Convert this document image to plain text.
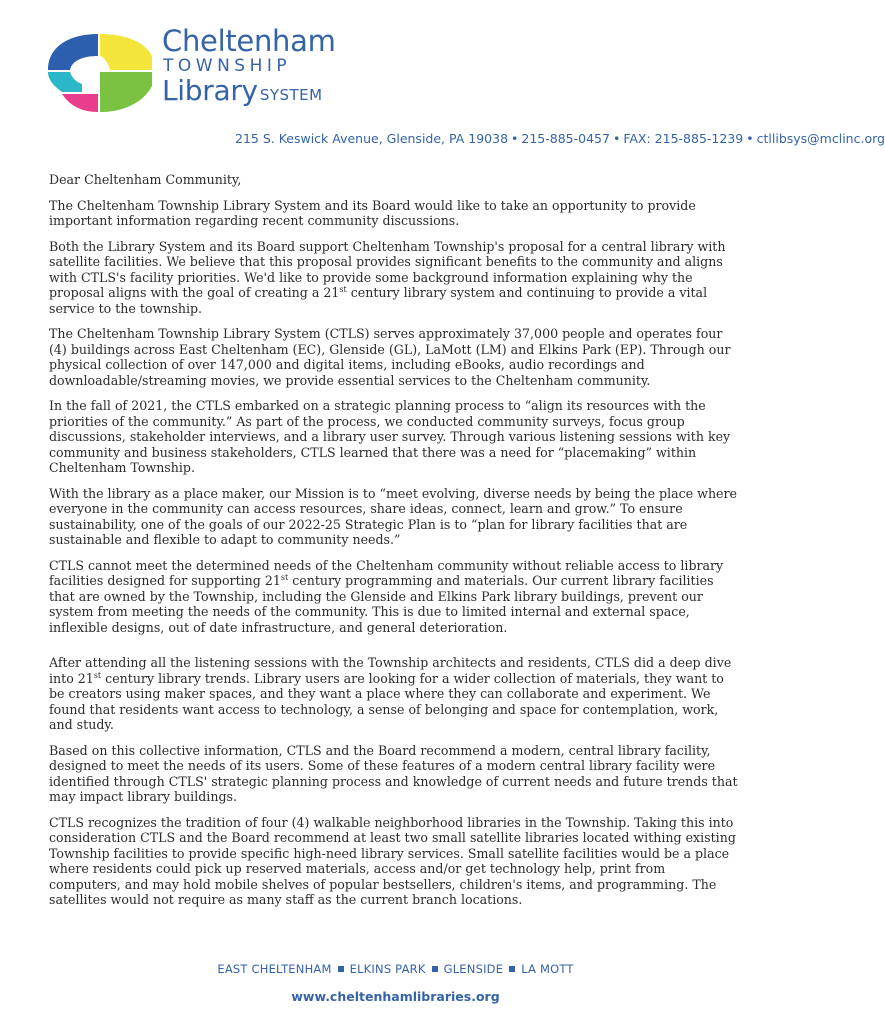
Cheltenham
TOWNSHIP
Library SYSTEM
215 S. Keswick Avenue, Glenside, PA 19038 • 215-885-0457 • FAX: 215-885-1239 • ctllibsys@mclinc.org

Dear Cheltenham Community,

The Cheltenham Township Library System and its Board would like to take an opportunity to provide important information regarding recent community discussions.

Both the Library System and its Board support Cheltenham Township's proposal for a central library with satellite facilities. We believe that this proposal provides significant benefits to the community and aligns with CTLS's facility priorities. We'd like to provide some background information explaining why the proposal aligns with the goal of creating a 21st century library system and continuing to provide a vital service to the township.

The Cheltenham Township Library System (CTLS) serves approximately 37,000 people and operates four (4) buildings across East Cheltenham (EC), Glenside (GL), LaMott (LM) and Elkins Park (EP). Through our physical collection of over 147,000 and digital items, including eBooks, audio recordings and downloadable/streaming movies, we provide essential services to the Cheltenham community.

In the fall of 2021, the CTLS embarked on a strategic planning process to “align its resources with the priorities of the community.” As part of the process, we conducted community surveys, focus group discussions, stakeholder interviews, and a library user survey. Through various listening sessions with key community and business stakeholders, CTLS learned that there was a need for “placemaking” within Cheltenham Township.

With the library as a place maker, our Mission is to “meet evolving, diverse needs by being the place where everyone in the community can access resources, share ideas, connect, learn and grow.” To ensure sustainability, one of the goals of our 2022-25 Strategic Plan is to “plan for library facilities that are sustainable and flexible to adapt to community needs.”

CTLS cannot meet the determined needs of the Cheltenham community without reliable access to library facilities designed for supporting 21st century programming and materials. Our current library facilities that are owned by the Township, including the Glenside and Elkins Park library buildings, prevent our system from meeting the needs of the community. This is due to limited internal and external space, inflexible designs, out of date infrastructure, and general deterioration.

After attending all the listening sessions with the Township architects and residents, CTLS did a deep dive into 21st century library trends. Library users are looking for a wider collection of materials, they want to be creators using maker spaces, and they want a place where they can collaborate and experiment. We found that residents want access to technology, a sense of belonging and space for contemplation, work, and study.

Based on this collective information, CTLS and the Board recommend a modern, central library facility, designed to meet the needs of its users. Some of these features of a modern central library facility were identified through CTLS' strategic planning process and knowledge of current needs and future trends that may impact library buildings.

CTLS recognizes the tradition of four (4) walkable neighborhood libraries in the Township. Taking this into consideration CTLS and the Board recommend at least two small satellite libraries located withing existing Township facilities to provide specific high-need library services. Small satellite facilities would be a place where residents could pick up reserved materials, access and/or get technology help, print from computers, and may hold mobile shelves of popular bestsellers, children's items, and programming. The satellites would not require as many staff as the current branch locations.

EAST CHELTENHAM ELKINS PARK GLENSIDE LA MOTT
www.cheltenhamlibraries.org
